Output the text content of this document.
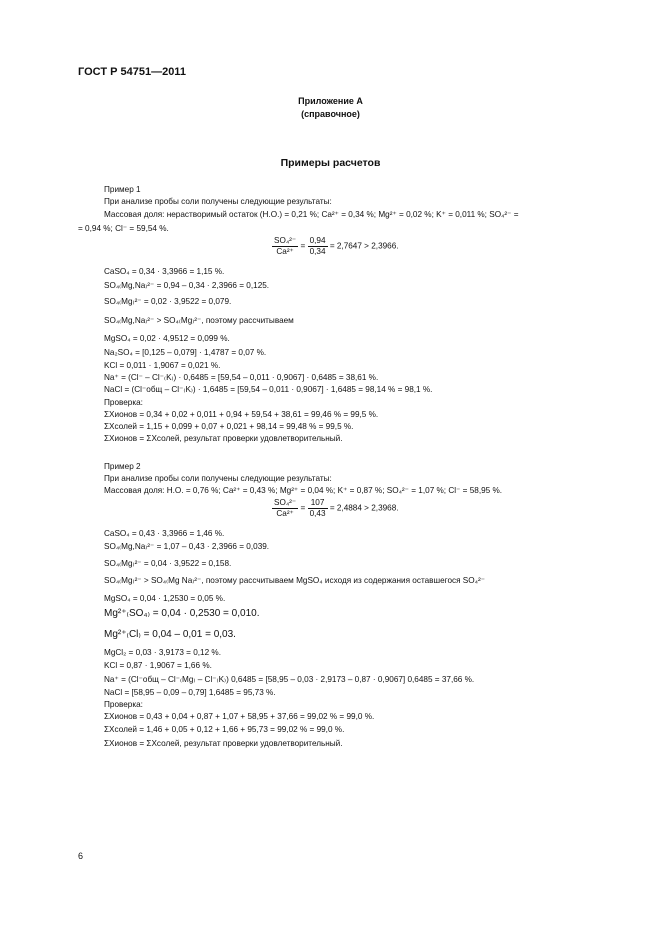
ГОСТ Р 54751—2011
Приложение А
(справочное)
Примеры расчетов
Пример 1
При анализе пробы соли получены следующие результаты:
Массовая доля: нерастворимый остаток (Н.О.) = 0,21 %; Ca²⁺ = 0,34 %; Mg²⁺ = 0,02 %; K⁺ = 0,011 %; SO₄²⁻ =
= 0,94 %; Cl⁻ = 59,54 %.
$\frac{\text{SO₄²⁻}}{\text{Ca²⁺}} = \frac{0,94}{0,34} = 2,7647 > 2,3966$.
CaSO₄ = 0,34 · 3,3966 = 1,15 %.
SO₄₍Mg,Na₎²⁻ = 0,94 – 0,34 · 2,3966 = 0,125.
SO₄₍Mg₎²⁻ = 0,02 · 3,9522 = 0,079.
SO₄₍Mg,Na₎²⁻ > SO₄₍Mg₎²⁻, поэтому рассчитываем
MgSO₄ = 0,02 · 4,9512 = 0,099 %.
Na₂SO₄ = [0,125 – 0,079] · 1,4787 = 0,07 %.
KCl = 0,011 · 1,9067 = 0,021 %.
Na⁺ = (Cl⁻ – Cl⁻₍K₎) · 0,6485 = [59,54 – 0,011 · 0,9067] · 0,6485 = 38,61 %.
NaCl = (Cl⁻общ – Cl⁻₍K₎) · 1,6485 = [59,54 – 0,011 · 0,9067] · 1,6485 = 98,14 % = 98,1 %.
Проверка:
ΣXионов = 0,34 + 0,02 + 0,011 + 0,94 + 59,54 + 38,61 = 99,46 % = 99,5 %.
ΣXсолей = 1,15 + 0,099 + 0,07 + 0,021 + 98,14 = 99,48 % = 99,5 %.
ΣXионов = ΣXсолей, результат проверки удовлетворительный.
Пример 2
При анализе пробы соли получены следующие результаты:
Массовая доля: Н.О. = 0,76 %; Ca²⁺ = 0,43 %; Mg²⁺ = 0,04 %; K⁺ = 0,87 %; SO₄²⁻ = 1,07 %; Cl⁻ = 58,95 %.
$\frac{\text{SO₄²⁻}}{\text{Ca²⁺}} = \frac{107}{0,43} = 2,4884 > 2,3968$.
CaSO₄ = 0,43 · 3,3966 = 1,46 %.
SO₄₍Mg,Na₎²⁻ = 1,07 – 0,43 · 2,3966 = 0,039.
SO₄₍Mg₎²⁻ = 0,04 · 3,9522 = 0,158.
SO₄₍Mg₎²⁻ > SO₄₍Mg Na₎²⁻, поэтому рассчитываем MgSO₄ исходя из содержания оставшегося SO₄²⁻
MgSO₄ = 0,04 · 1,2530 = 0,05 %.
Mg²⁺₍SO₄₎ = 0,04 · 0,2530 = 0,010.
Mg²⁺₍Cl₎ = 0,04 – 0,01 = 0,03.
MgCl₂ = 0,03 · 3,9173 = 0,12 %.
KCl = 0,87 · 1,9067 = 1,66 %.
Na⁺ = (Cl⁻общ – Cl⁻₍Mg₎ – Cl⁻₍K₎) 0,6485 = [58,95 – 0,03 · 2,9173 – 0,87 · 0,9067] 0,6485 = 37,66 %.
NaCl = [58,95 – 0,09 – 0,79] 1,6485 = 95,73 %.
Проверка:
ΣXионов = 0,43 + 0,04 + 0,87 + 1,07 + 58,95 + 37,66 = 99,02 % = 99,0 %.
ΣXсолей = 1,46 + 0,05 + 0,12 + 1,66 + 95,73 = 99,02 % = 99,0 %.
ΣXионов = ΣXсолей, результат проверки удовлетворительный.
6
